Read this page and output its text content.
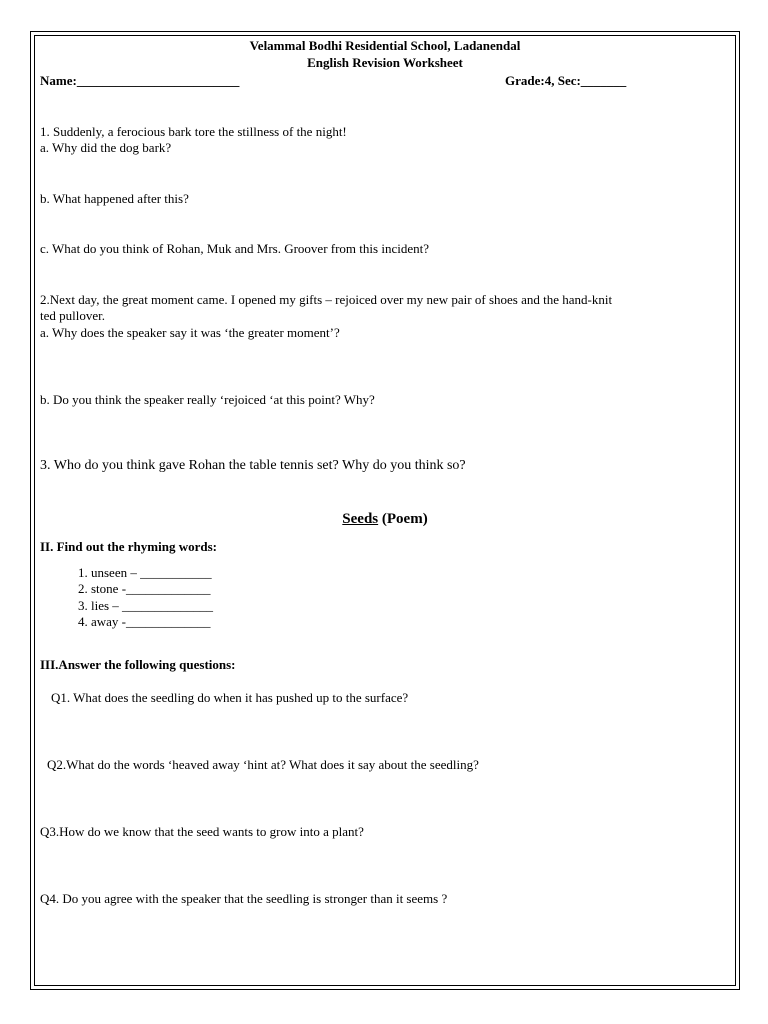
Velammal Bodhi Residential School, Ladanendal
English Revision Worksheet
Name:_________________________	Grade:4, Sec:_______
1. Suddenly, a ferocious bark tore the stillness of the night!
a. Why did the dog bark?
b. What happened after this?
c. What do you think of Rohan, Muk and Mrs. Groover from this incident?
2.Next day, the great moment came. I opened my gifts – rejoiced over my new pair of shoes and the hand-knit
ted pullover.
a. Why does the speaker say it was ‘the greater moment’?
b. Do you think the speaker really ‘rejoiced ‘at this point? Why?
3. Who do you think gave Rohan the table tennis set? Why do you think so?
Seeds (Poem)
II. Find out the rhyming words:
1. unseen – ___________
2. stone -_____________
3. lies – ______________
4. away -_____________
III.Answer the following questions:
Q1. What does the seedling do when it has pushed up to the surface?
Q2.What do the words ‘heaved away ‘hint at? What does it say about the seedling?
Q3.How do we know that the seed wants to grow into a plant?
Q4. Do you agree with the speaker that the seedling is stronger than it seems ?
